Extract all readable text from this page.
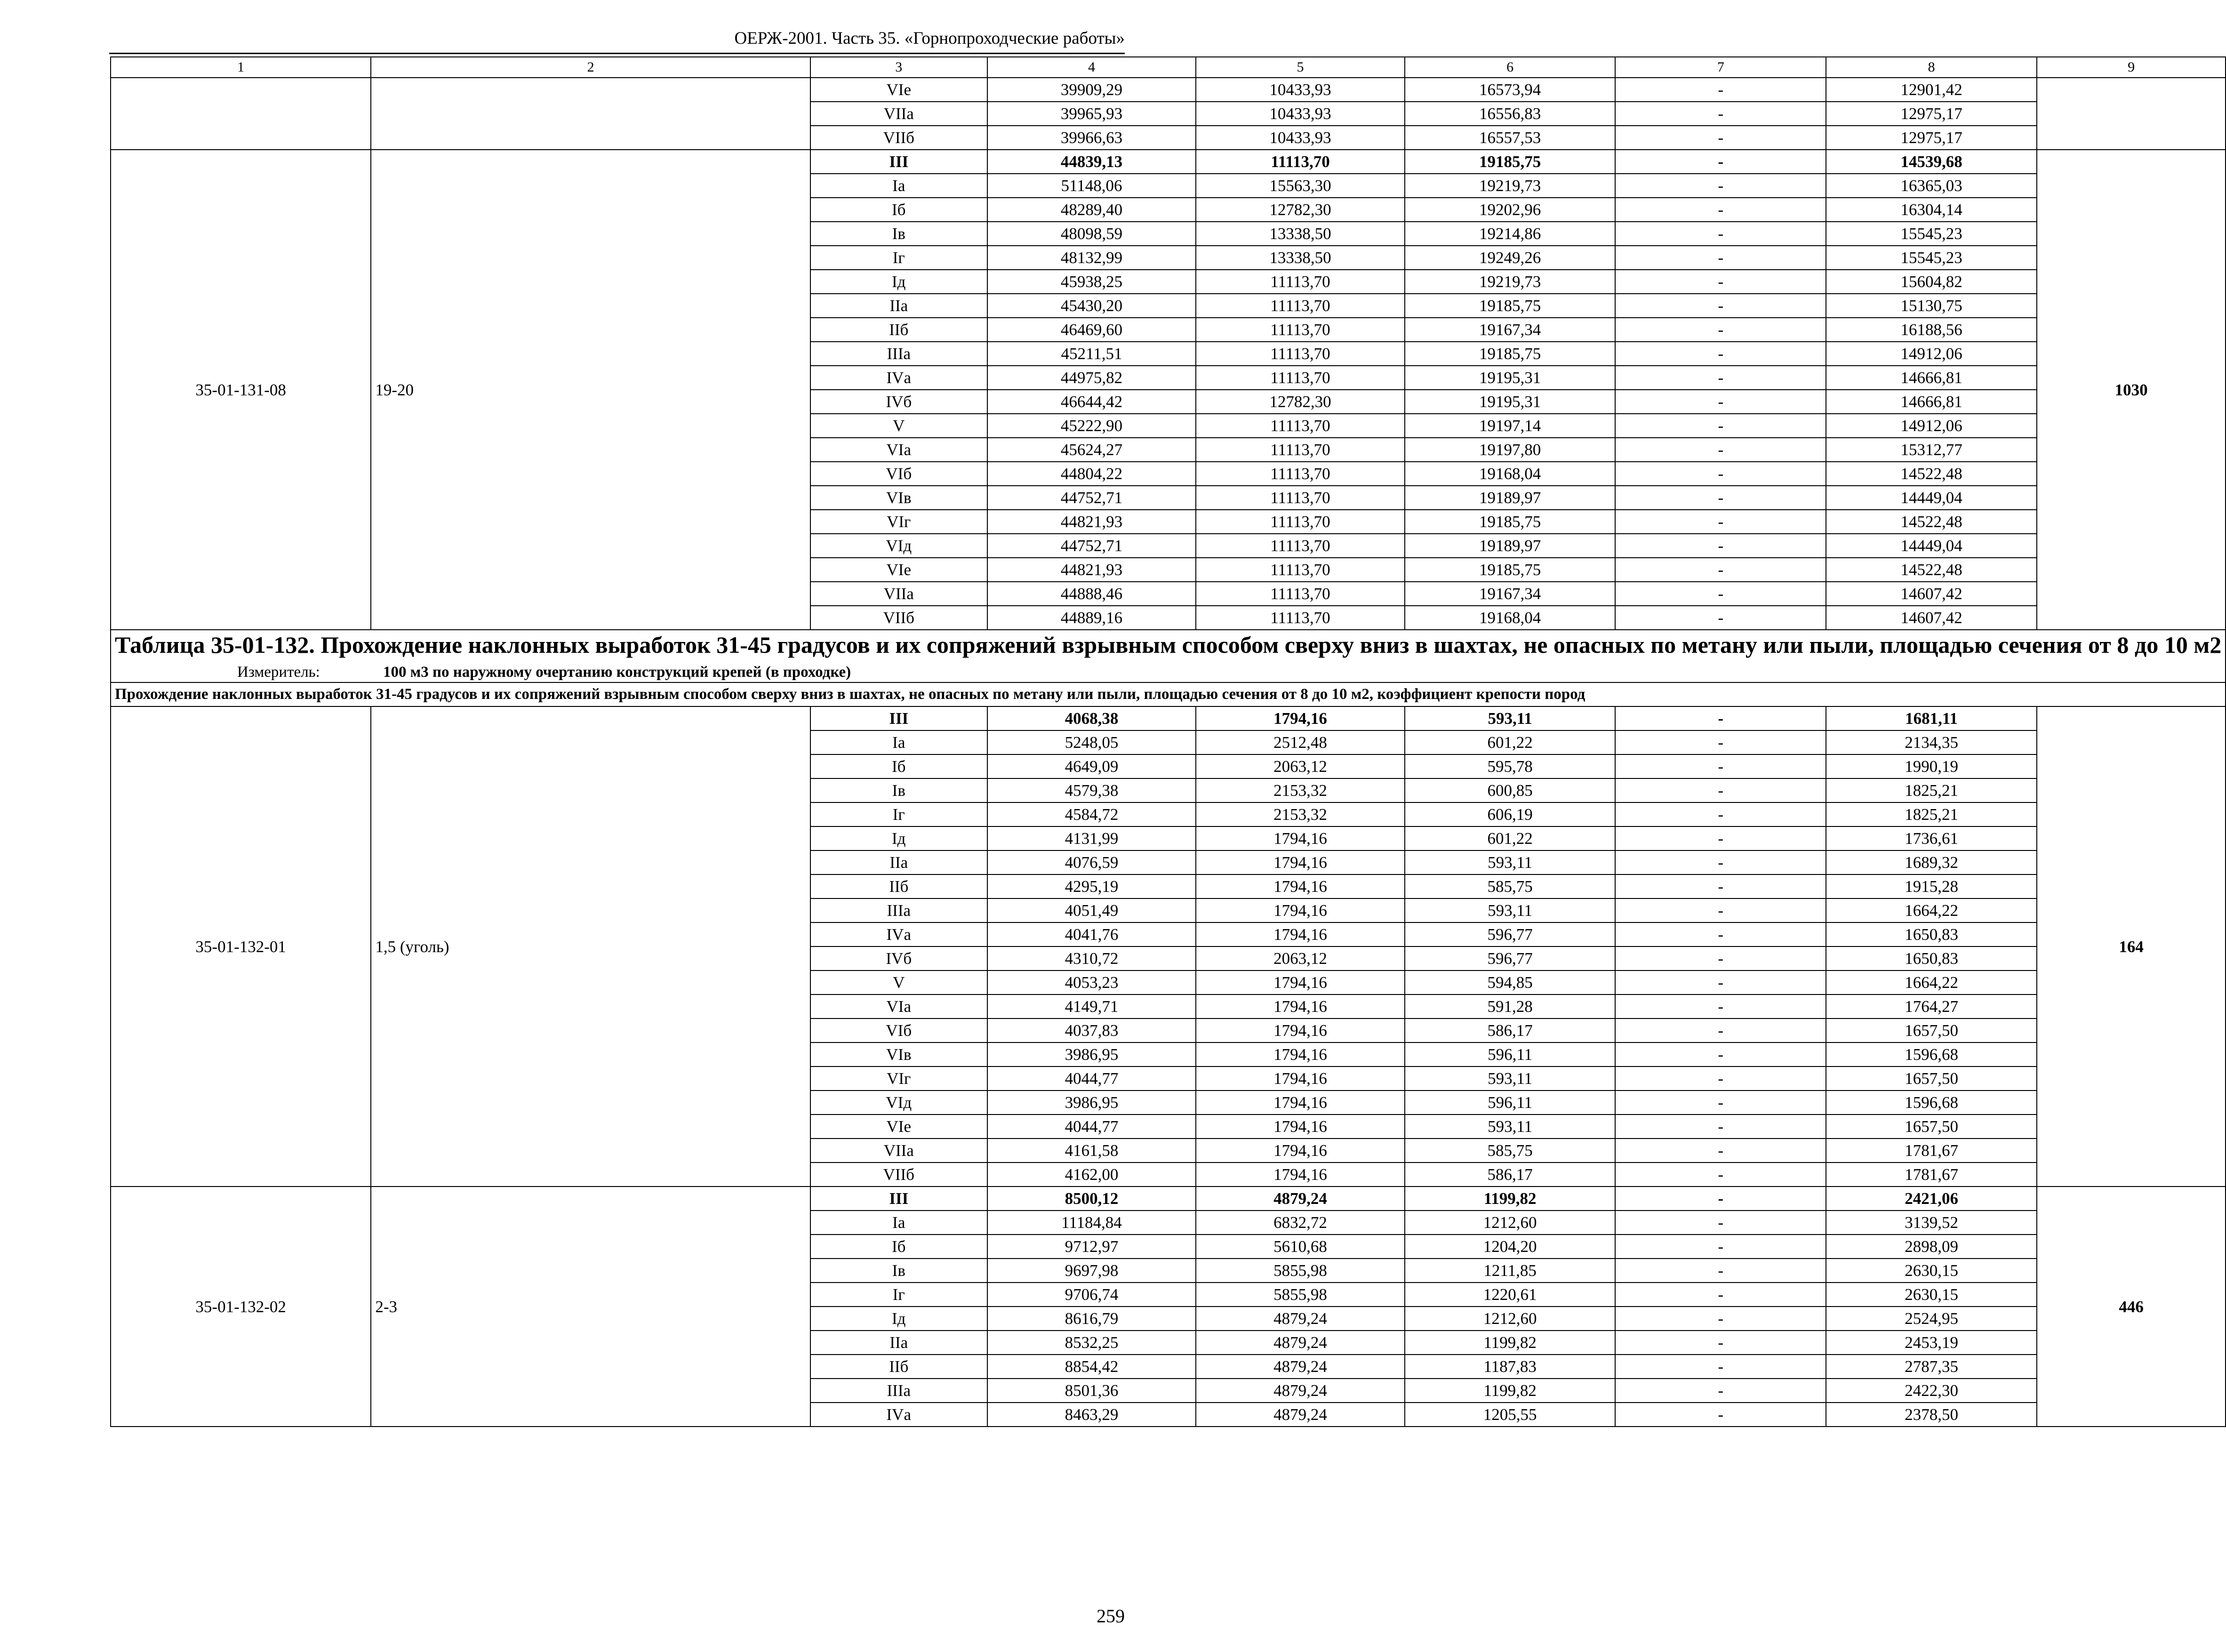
ОЕРЖ-2001. Часть 35. «Горнопроходческие работы»
1	2	3	4	5	6	7	8	9
		VIе	39909,29	10433,93	16573,94	-	12901,42	
		VIIа	39965,93	10433,93	16556,83	-	12975,17	
		VIIб	39966,63	10433,93	16557,53	-	12975,17	
35-01-131-08	19-20	III	44839,13	11113,70	19185,75	-	14539,68	1030
		Iа	51148,06	15563,30	19219,73	-	16365,03	
		Iб	48289,40	12782,30	19202,96	-	16304,14	
		Iв	48098,59	13338,50	19214,86	-	15545,23	
		Iг	48132,99	13338,50	19249,26	-	15545,23	
		Iд	45938,25	11113,70	19219,73	-	15604,82	
		IIа	45430,20	11113,70	19185,75	-	15130,75	
		IIб	46469,60	11113,70	19167,34	-	16188,56	
		IIIа	45211,51	11113,70	19185,75	-	14912,06	
		IVа	44975,82	11113,70	19195,31	-	14666,81	
		IVб	46644,42	12782,30	19195,31	-	14666,81	
		V	45222,90	11113,70	19197,14	-	14912,06	
		VIа	45624,27	11113,70	19197,80	-	15312,77	
		VIб	44804,22	11113,70	19168,04	-	14522,48	
		VIв	44752,71	11113,70	19189,97	-	14449,04	
		VIг	44821,93	11113,70	19185,75	-	14522,48	
		VIд	44752,71	11113,70	19189,97	-	14449,04	
		VIе	44821,93	11113,70	19185,75	-	14522,48	
		VIIа	44888,46	11113,70	19167,34	-	14607,42	
		VIIб	44889,16	11113,70	19168,04	-	14607,42	

Таблица 35-01-132. Прохождение наклонных выработок 31-45 градусов и их сопряжений взрывным способом сверху вниз в шахтах, не опасных по метану или пыли, площадью сечения от 8 до 10 м2
Измеритель: 100 м3 по наружному очертанию конструкций крепей (в проходке)								

Прохождение наклонных выработок 31-45 градусов и их сопряжений взрывным способом сверху вниз в шахтах, не опасных по метану или пыли, площадью сечения от 8 до 10 м2, коэффициент крепости пород								
35-01-132-01	1,5 (уголь)	III	4068,38	1794,16	593,11	-	1681,11	164
		Iа	5248,05	2512,48	601,22	-	2134,35	
		Iб	4649,09	2063,12	595,78	-	1990,19	
		Iв	4579,38	2153,32	600,85	-	1825,21	
		Iг	4584,72	2153,32	606,19	-	1825,21	
		Iд	4131,99	1794,16	601,22	-	1736,61	
		IIа	4076,59	1794,16	593,11	-	1689,32	
		IIб	4295,19	1794,16	585,75	-	1915,28	
		IIIа	4051,49	1794,16	593,11	-	1664,22	
		IVа	4041,76	1794,16	596,77	-	1650,83	
		IVб	4310,72	2063,12	596,77	-	1650,83	
		V	4053,23	1794,16	594,85	-	1664,22	
		VIа	4149,71	1794,16	591,28	-	1764,27	
		VIб	4037,83	1794,16	586,17	-	1657,50	
		VIв	3986,95	1794,16	596,11	-	1596,68	
		VIг	4044,77	1794,16	593,11	-	1657,50	
		VIд	3986,95	1794,16	596,11	-	1596,68	
		VIе	4044,77	1794,16	593,11	-	1657,50	
		VIIа	4161,58	1794,16	585,75	-	1781,67	
		VIIб	4162,00	1794,16	586,17	-	1781,67	
35-01-132-02	2-3	III	8500,12	4879,24	1199,82	-	2421,06	446
		Iа	11184,84	6832,72	1212,60	-	3139,52	
		Iб	9712,97	5610,68	1204,20	-	2898,09	
		Iв	9697,98	5855,98	1211,85	-	2630,15	
		Iг	9706,74	5855,98	1220,61	-	2630,15	
		Iд	8616,79	4879,24	1212,60	-	2524,95	
		IIа	8532,25	4879,24	1199,82	-	2453,19	
		IIб	8854,42	4879,24	1187,83	-	2787,35	
		IIIа	8501,36	4879,24	1199,82	-	2422,30	
		IVа	8463,29	4879,24	1205,55	-	2378,50	
259
